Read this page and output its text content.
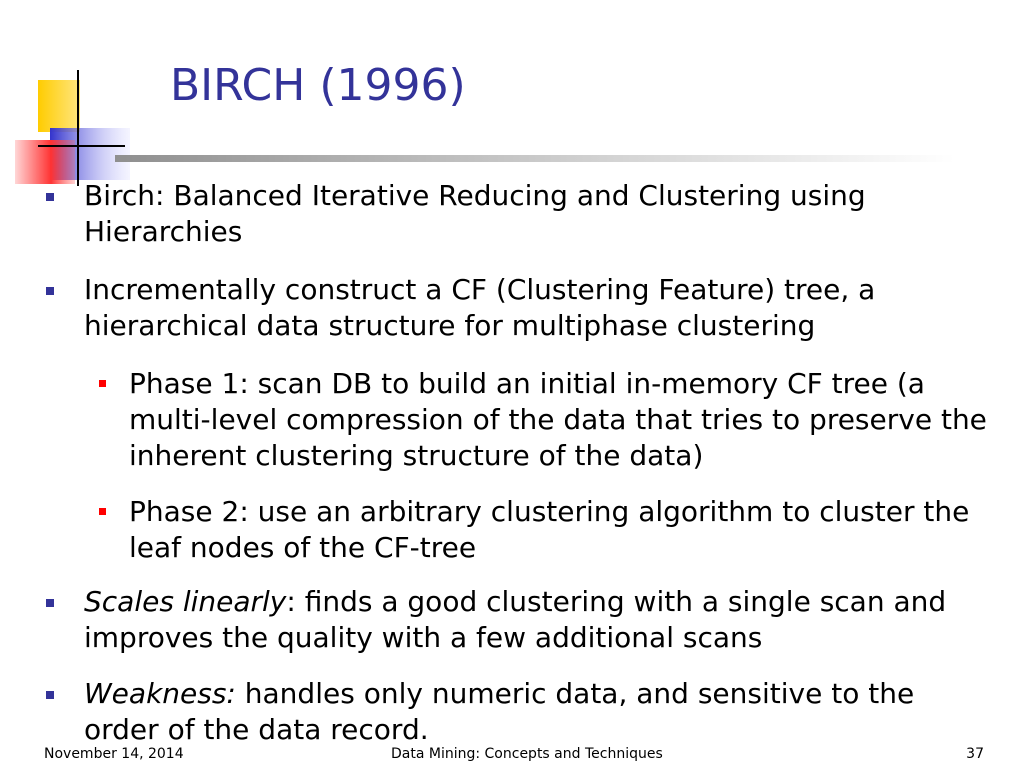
BIRCH (1996)
Birch: Balanced Iterative Reducing and Clustering using Hierarchies
Incrementally construct a CF (Clustering Feature) tree, a hierarchical data structure for multiphase clustering
Phase 1: scan DB to build an initial in-memory CF tree (a multi-level compression of the data that tries to preserve the inherent clustering structure of the data)
Phase 2: use an arbitrary clustering algorithm to cluster the leaf nodes of the CF-tree
Scales linearly: finds a good clustering with a single scan and improves the quality with a few additional scans
Weakness: handles only numeric data, and sensitive to the order of the data record.
November 14, 2014	Data Mining: Concepts and Techniques	37
